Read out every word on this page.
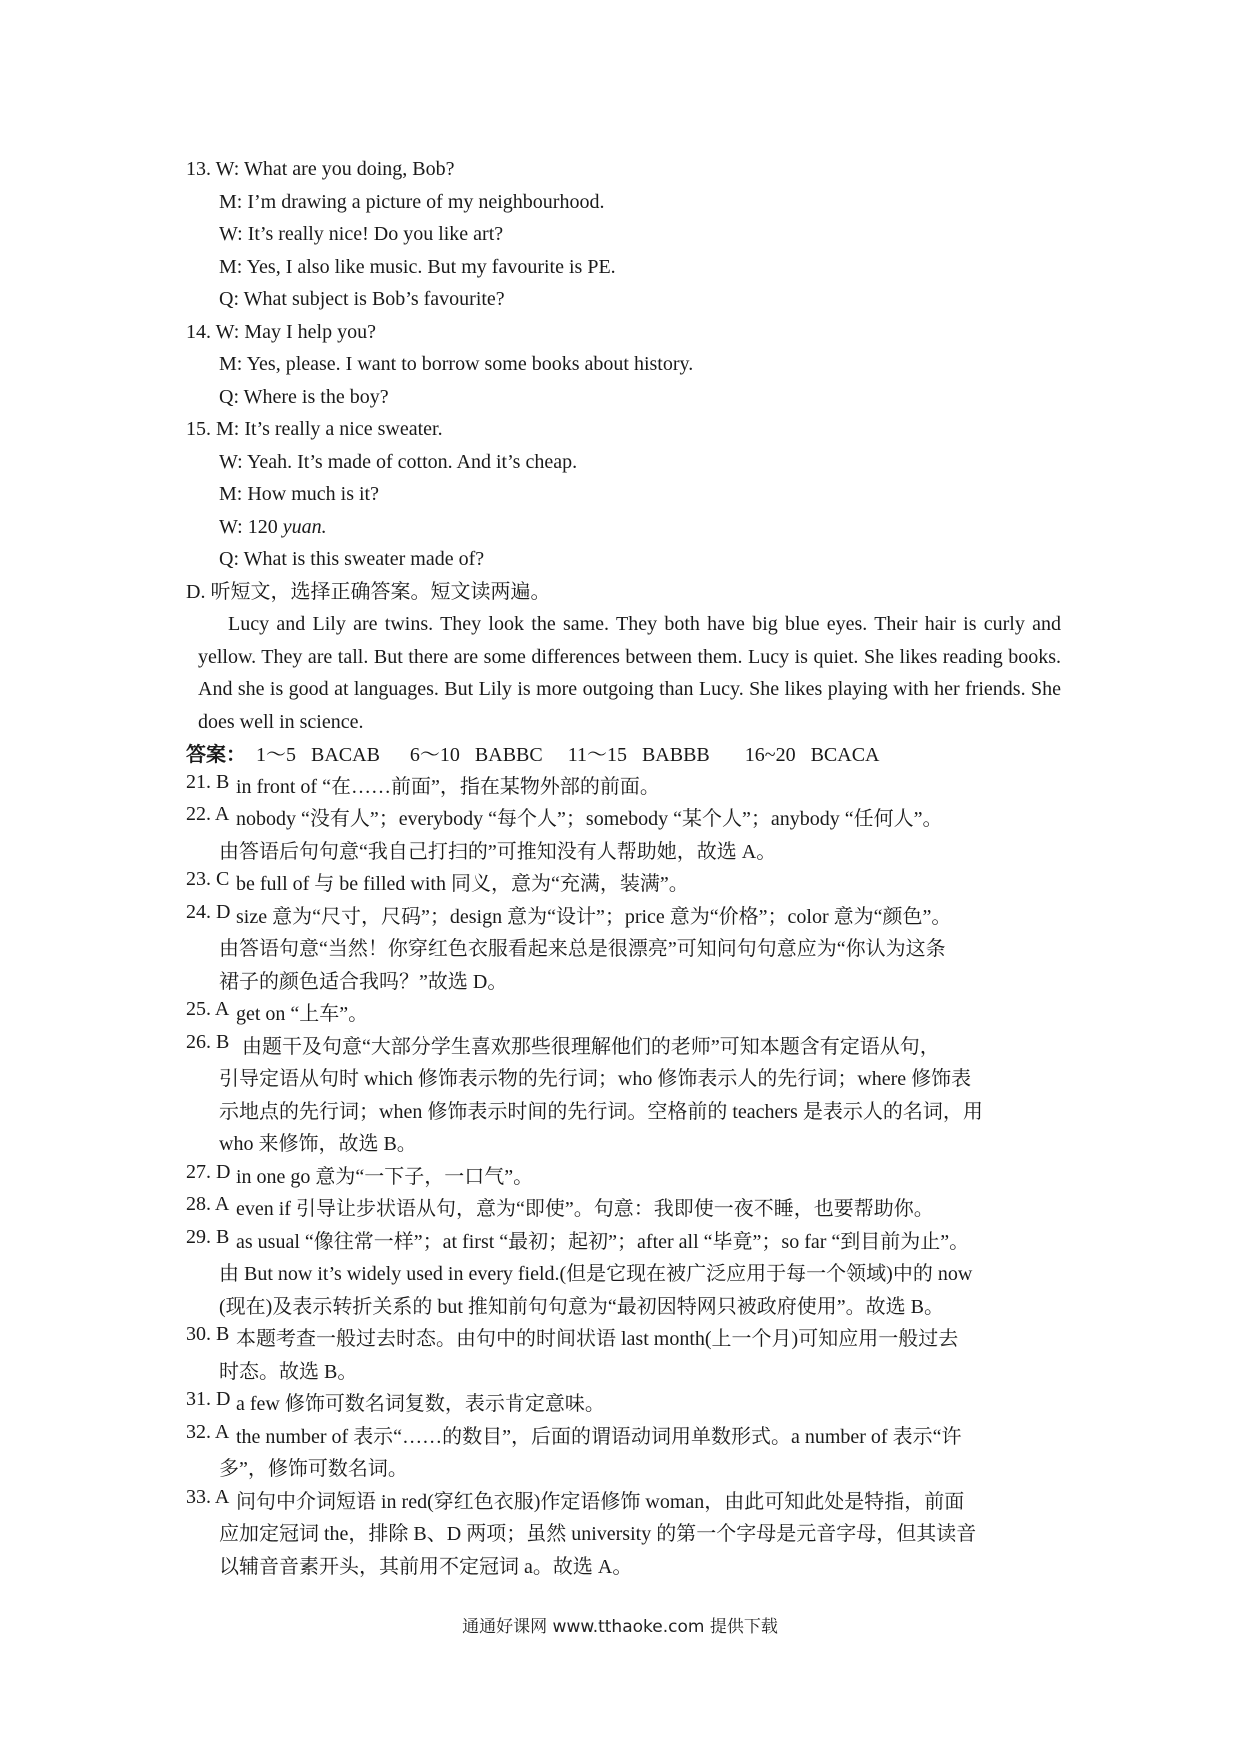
13. W: What are you doing, Bob?
M: I’m drawing a picture of my neighbourhood.
W: It’s really nice! Do you like art?
M: Yes, I also like music. But my favourite is PE.
Q: What subject is Bob’s favourite?
14. W: May I help you?
M: Yes, please. I want to borrow some books about history.
Q: Where is the boy?
15. M: It’s really a nice sweater.
W: Yeah. It’s made of cotton. And it’s cheap.
M: How much is it?
W: 120 yuan.
Q: What is this sweater made of?
D. 听短文，选择正确答案。短文读两遍。
Lucy and Lily are twins. They look the same. They both have big blue eyes. Their hair is curly and yellow. They are tall. But there are some differences between them. Lucy is quiet. She likes reading books. And she is good at languages. But Lily is more outgoing than Lucy. She likes playing with her friends. She does well in science.
答案：  1～5   BACAB      6～10   BABBC     11～15   BABBB       16~20   BCACA
21. B in front of “在……前面”，指在某物外部的前面。
22. A nobody “没有人”；everybody “每个人”；somebody “某个人”；anybody “任何人”。
由答语后句句意“我自己打扫的”可推知没有人帮助她，故选 A。
23. C be full of 与 be filled with 同义，意为“充满，装满”。
24. D size 意为“尺寸，尺码”；design 意为“设计”；price 意为“价格”；color 意为“颜色”。
由答语句意“当然！你穿红色衣服看起来总是很漂亮”可知问句句意应为“你认为这条
裙子的颜色适合我吗？”故选 D。
25. A get on “上车”。
26. B 由题干及句意“大部分学生喜欢那些很理解他们的老师”可知本题含有定语从句，
引导定语从句时 which 修饰表示物的先行词；who 修饰表示人的先行词；where 修饰表
示地点的先行词；when 修饰表示时间的先行词。空格前的 teachers 是表示人的名词，用
who 来修饰，故选 B。
27. D in one go 意为“一下子，一口气”。
28. A even if 引导让步状语从句，意为“即使”。句意：我即使一夜不睡，也要帮助你。
29. B as usual “像往常一样”；at first “最初；起初”；after all “毕竟”；so far “到目前为止”。
由 But now it’s widely used in every field.(但是它现在被广泛应用于每一个领域)中的 now
(现在)及表示转折关系的 but 推知前句句意为“最初因特网只被政府使用”。故选 B。
30. B 本题考查一般过去时态。由句中的时间状语 last month(上一个月)可知应用一般过去
时态。故选 B。
31. D a few 修饰可数名词复数，表示肯定意味。
32. A the number of 表示“……的数目”，后面的谓语动词用单数形式。a number of 表示“许
多”，修饰可数名词。
33. A 问句中介词短语 in red(穿红色衣服)作定语修饰 woman，由此可知此处是特指，前面
应加定冠词 the，排除 B、D 两项；虽然 university 的第一个字母是元音字母，但其读音
以辅音音素开头，其前用不定冠词 a。故选 A。
通通好课网 www.tthaoke.com 提供下载
